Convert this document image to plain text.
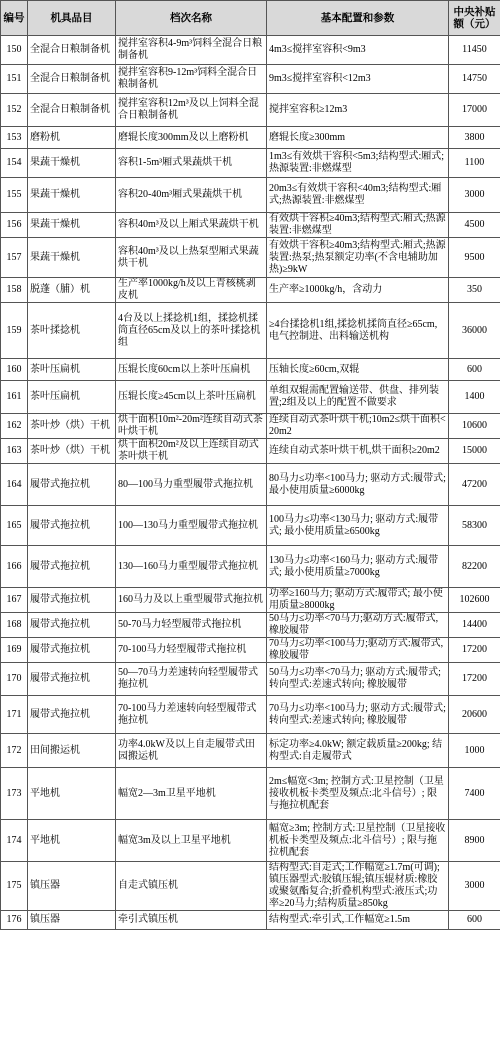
编号	机具品目	档次名称	基本配置和参数	中央补贴额（元）
150	全混合日粮制备机	搅拌室容积4-9m³饲料全混合日粮制备机	4m3≤搅拌室容积<9m3	11450
151	全混合日粮制备机	搅拌室容积9-12m³饲料全混合日粮制备机	9m3≤搅拌室容积<12m3	14750
152	全混合日粮制备机	搅拌室容积12m³及以上饲料全混合日粮制备机	搅拌室容积≥12m3	17000
153	磨粉机	磨辊长度300mm及以上磨粉机	磨辊长度≥300mm	3800
154	果蔬干燥机	容积1-5m³厢式果蔬烘干机	1m3≤有效烘干容积<5m3;结构型式:厢式;热源装置:非燃煤型	1100
155	果蔬干燥机	容积20-40m³厢式果蔬烘干机	20m3≤有效烘干容积<40m3;结构型式:厢式;热源装置:非燃煤型	3000
156	果蔬干燥机	容积40m³及以上厢式果蔬烘干机	有效烘干容积≥40m3;结构型式:厢式;热源装置:非燃煤型	4500
157	果蔬干燥机	容积40m³及以上热泵型厢式果蔬烘干机	有效烘干容积≥40m3;结构型式:厢式;热源装置:热泵;热泵额定功率(不含电辅助加热)≥9kW	9500
158	脱蓬（脯）机	生产率1000kg/h及以上青核桃剥皮机	生产率≥1000kg/h，含动力	350
159	茶叶揉捻机	4台及以上揉捻机1组，揉捻机揉筒直径65cm及以上的茶叶揉捻机组	≥4台揉捻机1组,揉捻机揉筒直径≥65cm,电气控制进、出料输送机构	36000
160	茶叶压扁机	压辊长度60cm以上茶叶压扁机	压轴长度≥60cm,双辊	600
161	茶叶压扁机	压辊长度≥45cm以上茶叶压扁机	单组双辊需配置输送带、供盘、排列装置;2组及以上的配置不做要求	1400
162	茶叶炒（烘）干机	烘干面积10m²-20m²连续自动式茶叶烘干机	连续自动式茶叶烘干机;10m2≤烘干面积<20m2	10600
163	茶叶炒（烘）干机	烘干面积20m²及以上连续自动式茶叶烘干机	连续自动式茶叶烘干机,烘干面积≥20m2	15000
164	履带式拖拉机	80—100马力重型履带式拖拉机	80马力≤功率<100马力; 驱动方式:履带式; 最小使用质量≥6000kg	47200
165	履带式拖拉机	100—130马力重型履带式拖拉机	100马力≤功率<130马力; 驱动方式:履带式; 最小使用质量≥6500kg	58300
166	履带式拖拉机	130—160马力重型履带式拖拉机	130马力≤功率<160马力; 驱动方式:履带式; 最小使用质量≥7000kg	82200
167	履带式拖拉机	160马力及以上重型履带式拖拉机	功率≥160马力; 驱动方式:履带式; 最小使用质量≥8000kg	102600
168	履带式拖拉机	50-70马力轻型履带式拖拉机	50马力≤功率<70马力;驱动方式:履带式,橡胶履带	14400
169	履带式拖拉机	70-100马力轻型履带式拖拉机	70马力≤功率<100马力;驱动方式:履带式,橡胶履带	17200
170	履带式拖拉机	50—70马力差速转向轻型履带式拖拉机	50马力≤功率<70马力; 驱动方式:履带式; 转向型式:差速式转向; 橡胶履带	17200
171	履带式拖拉机	70-100马力差速转向轻型履带式拖拉机	70马力≤功率<100马力; 驱动方式:履带式; 转向型式:差速式转向; 橡胶履带	20600
172	田间搬运机	功率4.0kW及以上自走履带式田园搬运机	标定功率≥4.0kW; 额定载质量≥200kg; 结构型式:自走履带式	1000
173	平地机	幅宽2—3m卫星平地机	2m≤幅宽<3m; 控制方式:卫星控制（卫星接收机板卡类型及频点:北斗信号）; 限与拖拉机配套	7400
174	平地机	幅宽3m及以上卫星平地机	幅宽≥3m; 控制方式:卫星控制（卫星接收机板卡类型及频点:北斗信号）; 限与拖拉机配套	8900
175	镇压器	自走式镇压机	结构型式:自走式;工作幅宽≥1.7m(可调);镇压器型式:胶镇压辊;镇压辊材质:橡胶或聚氨酯复合;折叠机构型式:液压式;功率≥20马力;结构质量≥850kg	3000
176	镇压器	牵引式镇压机	结构型式:牵引式,工作幅宽≥1.5m	600
